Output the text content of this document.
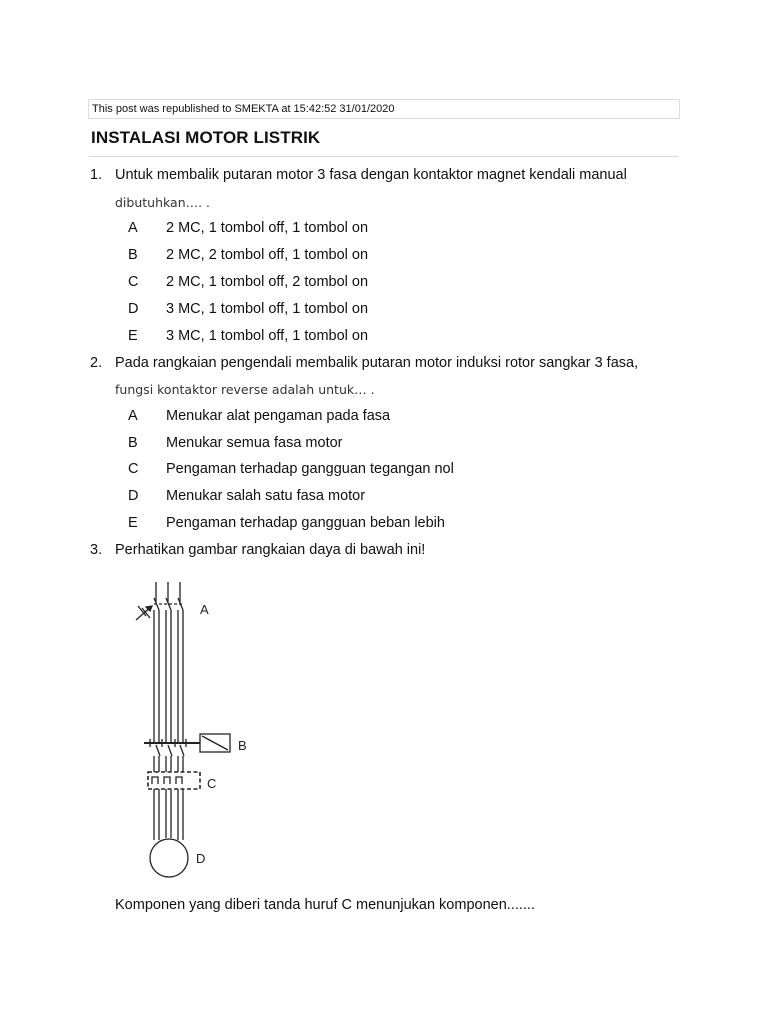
This post was republished to SMEKTA at 15:42:52 31/01/2020
INSTALASI MOTOR LISTRIK
1. Untuk membalik putaran motor 3 fasa dengan kontaktor magnet kendali manual
dibutuhkan…. .
A 2 MC, 1 tombol off, 1 tombol on
B 2 MC, 2 tombol off, 1 tombol on
C 2 MC, 1 tombol off, 2 tombol on
D 3 MC, 1 tombol off, 1 tombol on
E 3 MC, 1 tombol off, 1 tombol on
2. Pada rangkaian pengendali membalik putaran motor induksi rotor sangkar 3 fasa,
fungsi kontaktor reverse adalah untuk… .
A Menukar alat pengaman pada fasa
B Menukar semua fasa motor
C Pengaman terhadap gangguan tegangan nol
D Menukar salah satu fasa motor
E Pengaman terhadap gangguan beban lebih
3. Perhatikan gambar rangkaian daya di bawah ini!
A
B
C
D
Komponen yang diberi tanda huruf C menunjukan komponen.......
